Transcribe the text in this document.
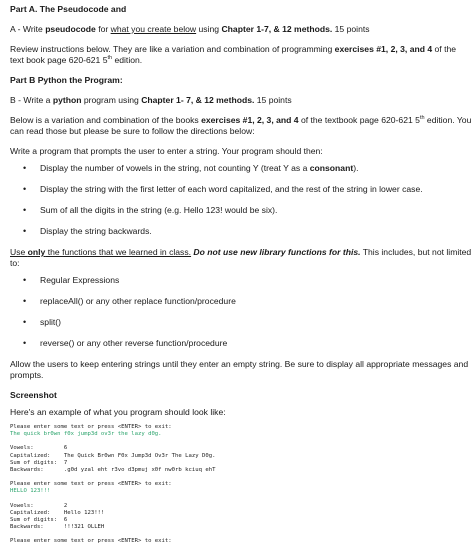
Part A. The Pseudocode and

A - Write pseudocode for what you create below using Chapter 1-7, & 12 methods. 15 points

Review instructions below. They are like a variation and combination of programming exercises #1, 2, 3, and 4 of the

text book page 620-621 5th edition.

Part B Python the Program:

B - Write a python program using Chapter 1- 7, & 12 methods. 15 points

Below is a variation and combination of the books exercises #1, 2, 3, and 4 of the textbook page 620-621 5th edition. You

can read those but please be sure to follow the directions below:

Write a program that prompts the user to enter a string. Your program should then:

• Display the number of vowels in the string, not counting Y (treat Y as a consonant).
• Display the string with the first letter of each word capitalized, and the rest of the string in lower case.
• Sum of all the digits in the string (e.g. Hello 123! would be six).
• Display the string backwards.

Use only the functions that we learned in class. Do not use new library functions for this. This includes, but not limited

to:

• Regular Expressions
• replaceAll() or any other replace function/procedure
• split()
• reverse() or any other reverse function/procedure

Allow the users to keep entering strings until they enter an empty string. Be sure to display all appropriate messages and

prompts.

Screenshot

Here's an example of what you program should look like:

Please enter some text or press <ENTER> to exit:
The quick br0wn f0x jump3d ov3r the lazy d0g.
Vowels:         6
Capitalized:    The Quick Br0wn F0x Jump3d Ov3r The Lazy D0g.
Sum of digits:  7
Backwards:      .g0d yzal eht r3vo d3pmuj x0f nw0rb kciuq ehT
Please enter some text or press <ENTER> to exit:
HELLO 123!!!
Vowels:         2
Capitalized:    Hello 123!!!
Sum of digits:  6
Backwards:      !!!321 OLLEH
Please enter some text or press <ENTER> to exit:
